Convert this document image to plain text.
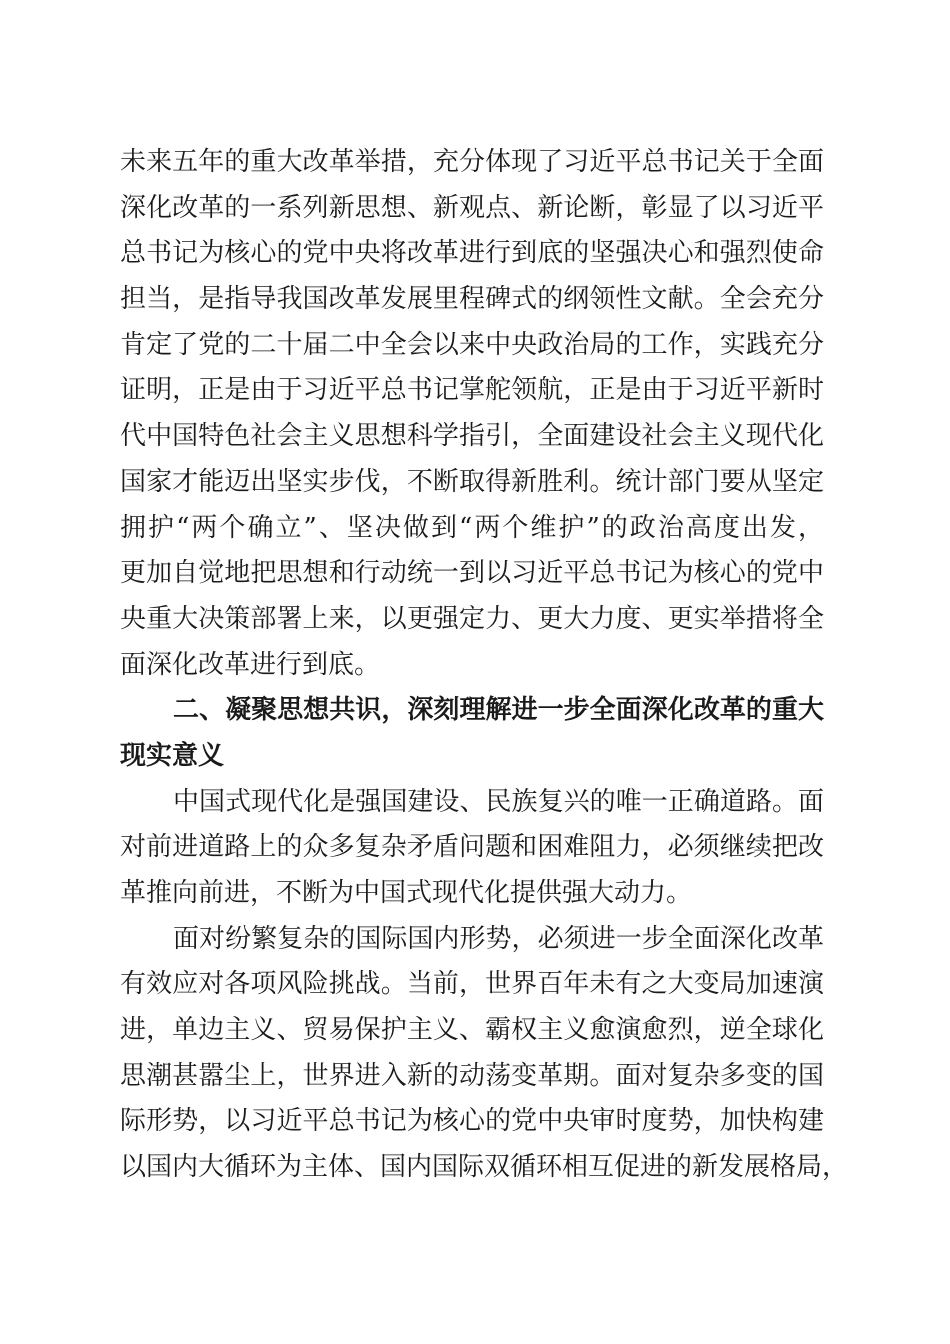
未来五年的重大改革举措，充分体现了习近平总书记关于全面
深化改革的一系列新思想、新观点、新论断，彰显了以习近平
总书记为核心的党中央将改革进行到底的坚强决心和强烈使命
担当，是指导我国改革发展里程碑式的纲领性文献。全会充分
肯定了党的二十届二中全会以来中央政治局的工作，实践充分
证明，正是由于习近平总书记掌舵领航，正是由于习近平新时
代中国特色社会主义思想科学指引，全面建设社会主义现代化
国家才能迈出坚实步伐，不断取得新胜利。统计部门要从坚定
拥护“两个确立”、坚决做到“两个维护”的政治高度出发，
更加自觉地把思想和行动统一到以习近平总书记为核心的党中
央重大决策部署上来，以更强定力、更大力度、更实举措将全
面深化改革进行到底。
二、凝聚思想共识，深刻理解进一步全面深化改革的重大
现实意义
中国式现代化是强国建设、民族复兴的唯一正确道路。面
对前进道路上的众多复杂矛盾问题和困难阻力，必须继续把改
革推向前进，不断为中国式现代化提供强大动力。
面对纷繁复杂的国际国内形势，必须进一步全面深化改革
有效应对各项风险挑战。当前，世界百年未有之大变局加速演
进，单边主义、贸易保护主义、霸权主义愈演愈烈，逆全球化
思潮甚嚣尘上，世界进入新的动荡变革期。面对复杂多变的国
际形势，以习近平总书记为核心的党中央审时度势，加快构建
以国内大循环为主体、国内国际双循环相互促进的新发展格局，
